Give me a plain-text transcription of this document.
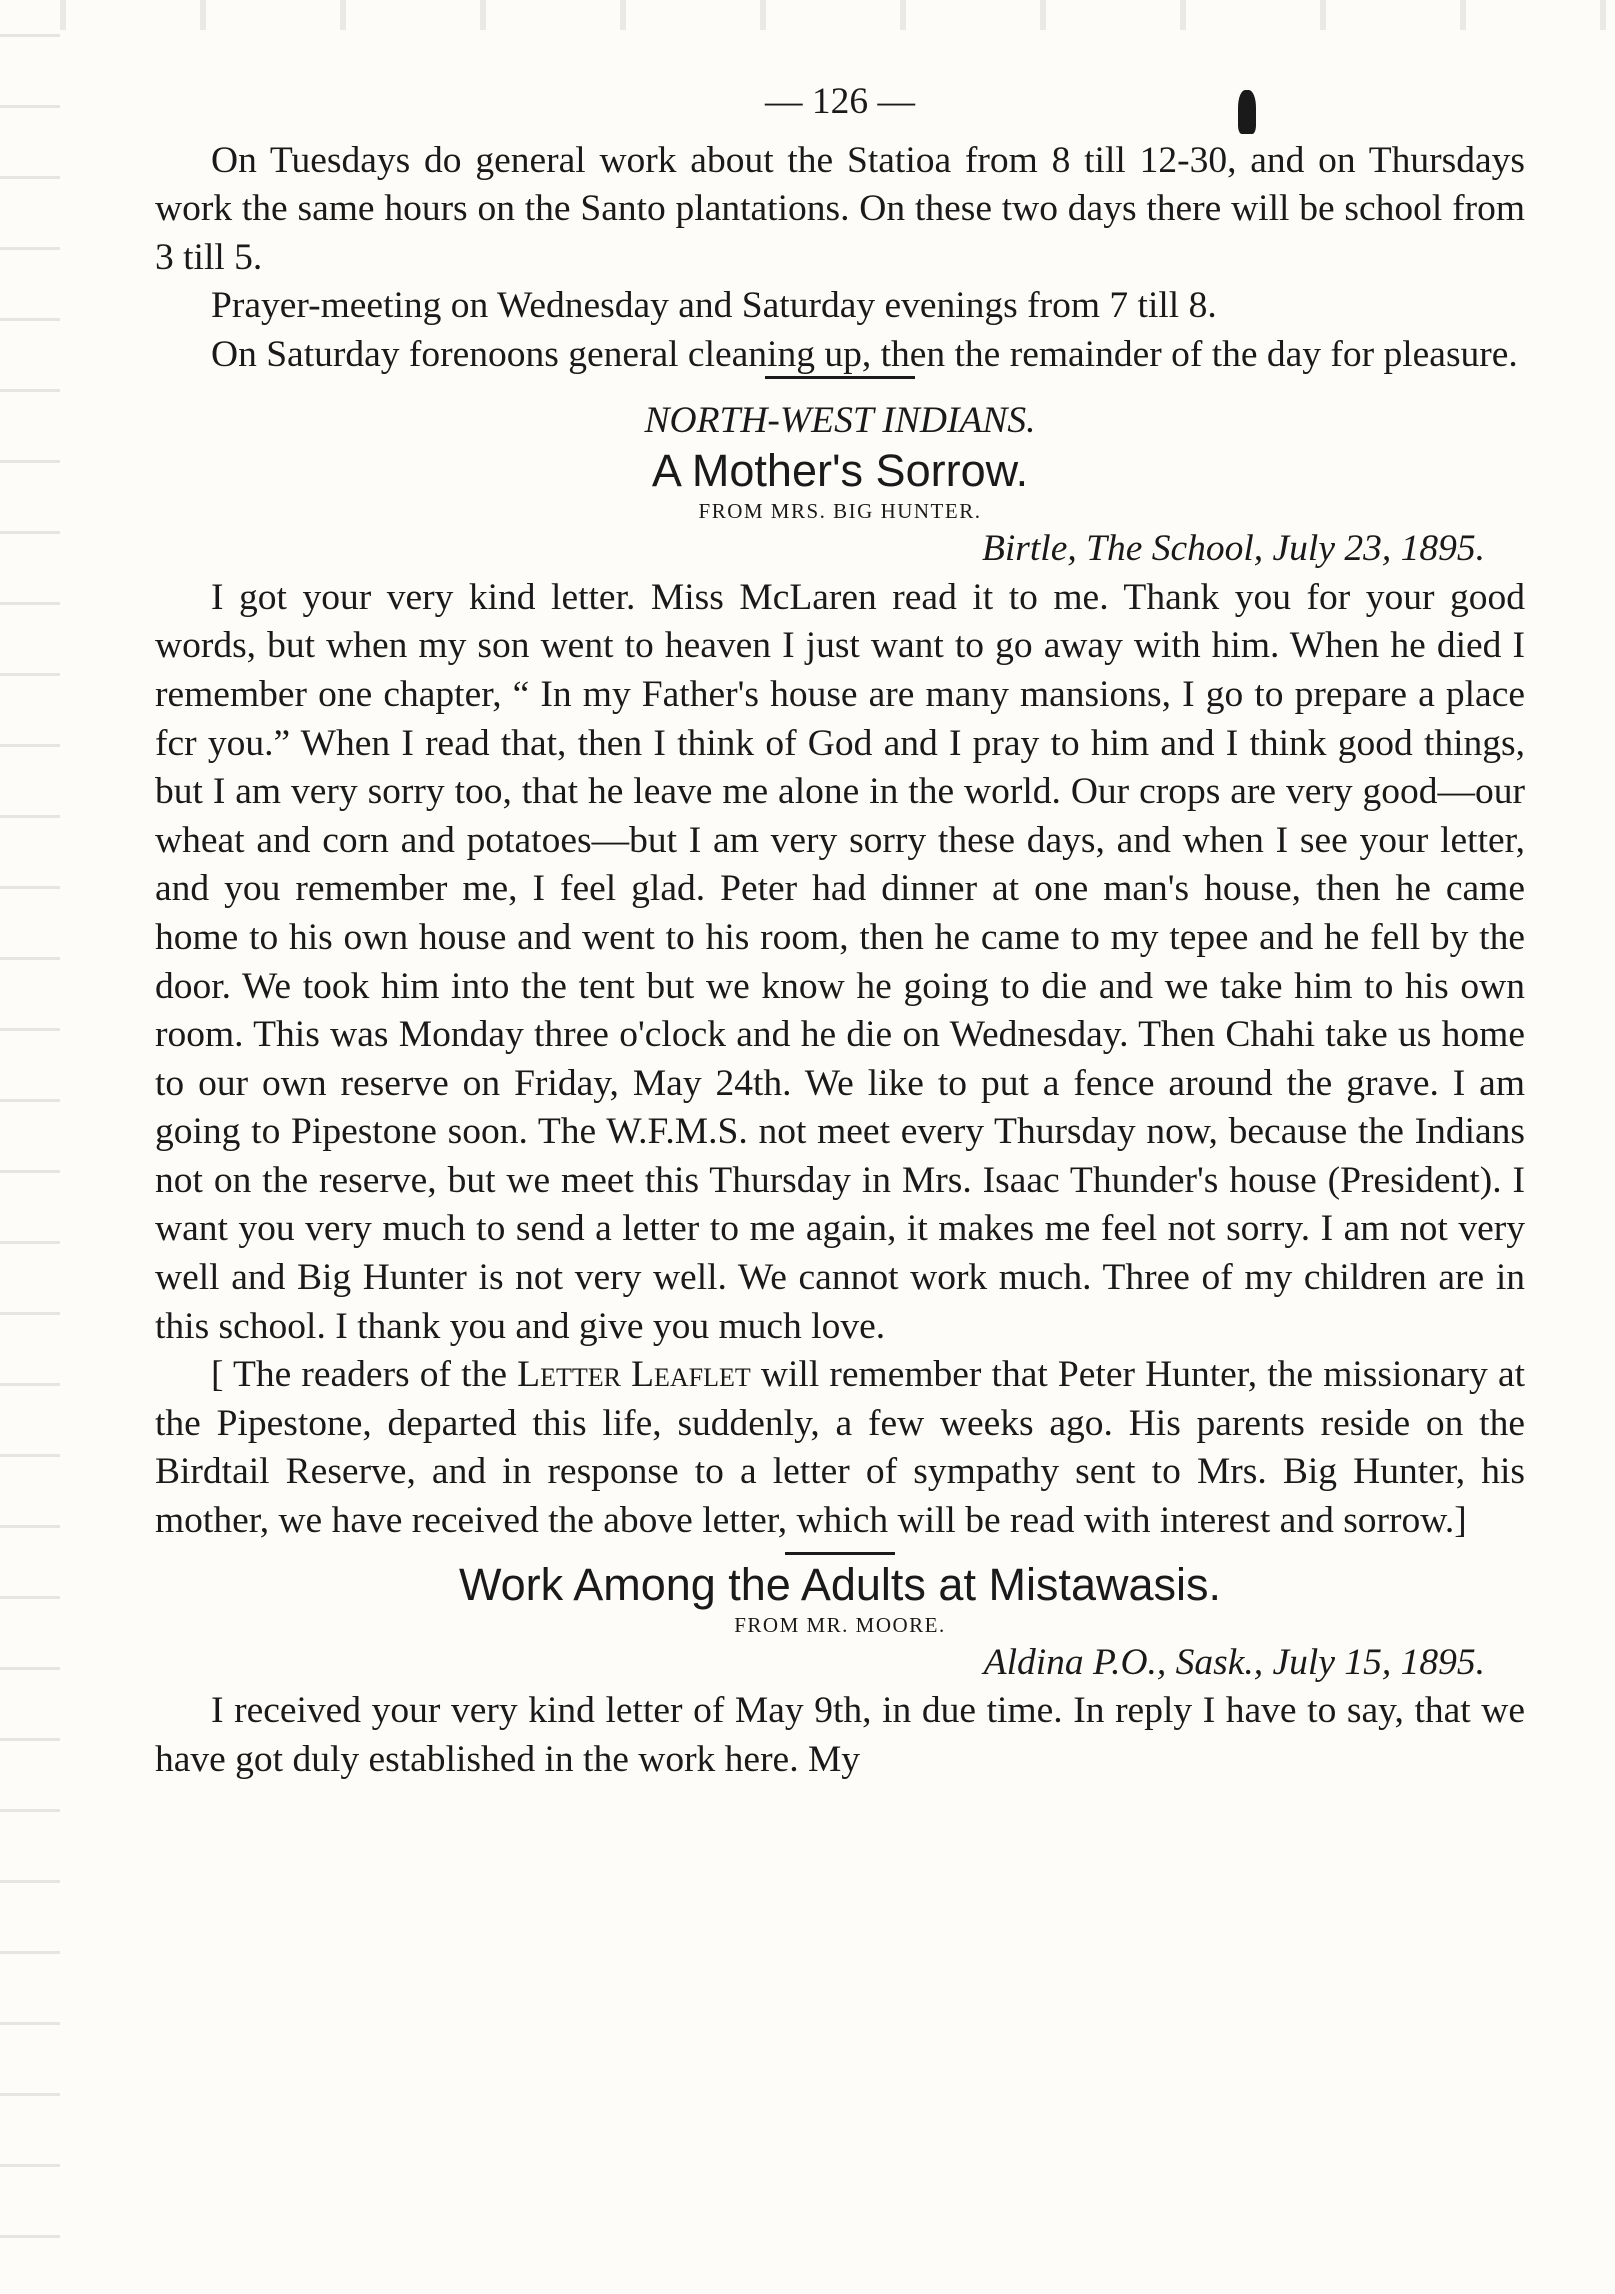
— 126 —

On Tuesdays do general work about the Statioa from 8 till 12-30, and on Thursdays work the same hours on the Santo plantations. On these two days there will be school from 3 till 5.

Prayer-meeting on Wednesday and Saturday evenings from 7 till 8.

On Saturday forenoons general cleaning up, then the remainder of the day for pleasure.

NORTH-WEST INDIANS.
A Mother's Sorrow.
FROM MRS. BIG HUNTER.
Birtle, The School, July 23, 1895.

I got your very kind letter. Miss McLaren read it to me. Thank you for your good words, but when my son went to heaven I just want to go away with him. When he died I remember one chapter, “ In my Father's house are many mansions, I go to prepare a place fcr you.” When I read that, then I think of God and I pray to him and I think good things, but I am very sorry too, that he leave me alone in the world. Our crops are very good—our wheat and corn and potatoes—but I am very sorry these days, and when I see your letter, and you remember me, I feel glad. Peter had dinner at one man's house, then he came home to his own house and went to his room, then he came to my tepee and he fell by the door. We took him into the tent but we know he going to die and we take him to his own room. This was Monday three o'clock and he die on Wednesday. Then Chahi take us home to our own reserve on Friday, May 24th. We like to put a fence around the grave. I am going to Pipestone soon. The W.F.M.S. not meet every Thursday now, because the Indians not on the reserve, but we meet this Thursday in Mrs. Isaac Thunder's house (President). I want you very much to send a letter to me again, it makes me feel not sorry. I am not very well and Big Hunter is not very well. We cannot work much. Three of my children are in this school. I thank you and give you much love.

[ The readers of the Letter Leaflet will remember that Peter Hunter, the missionary at the Pipestone, departed this life, suddenly, a few weeks ago. His parents reside on the Birdtail Reserve, and in response to a letter of sympathy sent to Mrs. Big Hunter, his mother, we have received the above letter, which will be read with interest and sorrow.]

Work Among the Adults at Mistawasis.
FROM MR. MOORE.
Aldina P.O., Sask., July 15, 1895.

I received your very kind letter of May 9th, in due time. In reply I have to say, that we have got duly established in the work here. My
